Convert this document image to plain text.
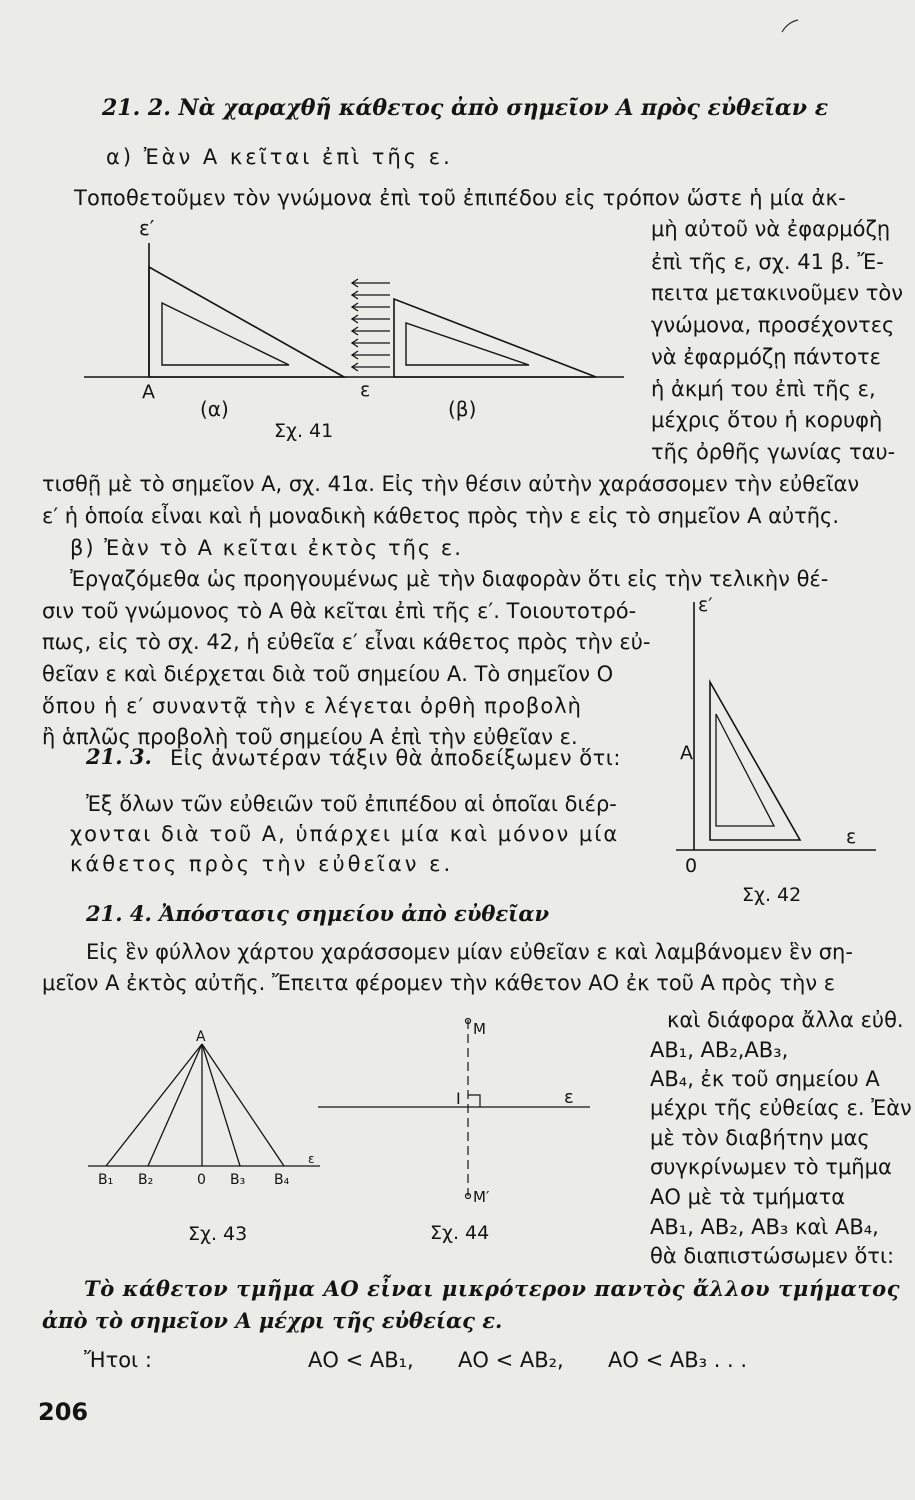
21. 2. Νὰ χαραχθῆ κάθετος ἀπὸ σημεῖον Α πρὸς εὐθεῖαν ε
α) Ἐὰν Α κεῖται ἐπὶ τῆς ε.
Τοποθετοῦμεν τὸν γνώμονα ἐπὶ τοῦ ἐπιπέδου εἰς τρόπον ὥστε ἡ μία ἀκ-
μὴ αὐτοῦ νὰ ἐφαρμόζῃ
ἐπὶ τῆς ε, σχ. 41 β. Ἔ-
πειτα μετακινοῦμεν τὸν
γνώμονα, προσέχοντες
νὰ ἐφαρμόζῃ πάντοτε
ἡ ἀκμή του ἐπὶ τῆς ε,
μέχρις ὅτου ἡ κορυφὴ
τῆς ὀρθῆς γωνίας ταυ-
τισθῇ μὲ τὸ σημεῖον Α, σχ. 41α. Εἰς τὴν θέσιν αὐτὴν χαράσσομεν τὴν εὐθεῖαν
ε′ ἡ ὁποία εἶναι καὶ ἡ μοναδικὴ κάθετος πρὸς τὴν ε εἰς τὸ σημεῖον Α αὐτῆς.
β) Ἐὰν τὸ Α κεῖται ἐκτὸς τῆς ε.
Ἐργαζόμεθα ὡς προηγουμένως μὲ τὴν διαφορὰν ὅτι εἰς τὴν τελικὴν θέ-
σιν τοῦ γνώμονος τὸ Α θὰ κεῖται ἐπὶ τῆς ε′. Τοιουτοτρό-
πως, εἰς τὸ σχ. 42, ἡ εὐθεῖα ε′ εἶναι κάθετος πρὸς τὴν εὐ-
θεῖαν ε καὶ διέρχεται διὰ τοῦ σημείου Α. Τὸ σημεῖον Ο
ὅπου ἡ ε′ συναντᾷ τὴν ε λέγεται ὀρθὴ προβολὴ
ἢ ἁπλῶς προβολὴ τοῦ σημείου Α ἐπὶ τὴν εὐθεῖαν ε.
ε′
Α	ε
(α)	(β)
Σχ. 41
ε′
Α
ε
0
Σχ. 42
21. 3. Εἰς ἀνωτέραν τάξιν θὰ ἀποδείξωμεν ὅτι:
Ἐξ ὅλων τῶν εὐθειῶν τοῦ ἐπιπέδου αἱ ὁποῖαι διέρ-
χονται διὰ τοῦ Α, ὑπάρχει μία καὶ μόνον μία
κάθετος πρὸς τὴν εὐθεῖαν ε.
21. 4. Ἀπόστασις σημείου ἀπὸ εὐθεῖαν
Εἰς ἓν φύλλον χάρτου χαράσσομεν μίαν εὐθεῖαν ε καὶ λαμβάνομεν ἓν ση-
μεῖον Α ἐκτὸς αὐτῆς. Ἔπειτα φέρομεν τὴν κάθετον ΑΟ ἐκ τοῦ Α πρὸς τὴν ε
καὶ διάφορα ἄλλα εὐθ.
ΑΒ₁, ΑΒ₂,ΑΒ₃,
ΑΒ₄, ἐκ τοῦ σημείου Α
μέχρι τῆς εὐθείας ε. Ἐὰν
μὲ τὸν διαβήτην μας
συγκρίνωμεν τὸ τμῆμα
ΑΟ μὲ τὰ τμήματα
ΑΒ₁, ΑΒ₂, ΑΒ₃ καὶ ΑΒ₄,
θὰ διαπιστώσωμεν ὅτι:
Α
Β₁ Β₂	0 Β₃ Β₄
ε
Σχ. 43
M
I	ε
M′
Σχ. 44
Τὸ κάθετον τμῆμα ΑΟ εἶναι μικρότερον παντὸς ἄλλου τμήματος
ἀπὸ τὸ σημεῖον Α μέχρι τῆς εὐθείας ε.
Ἤτοι :	ΑΟ < ΑΒ₁, ΑΟ < ΑΒ₂, ΑΟ < ΑΒ₃ . . .
206
